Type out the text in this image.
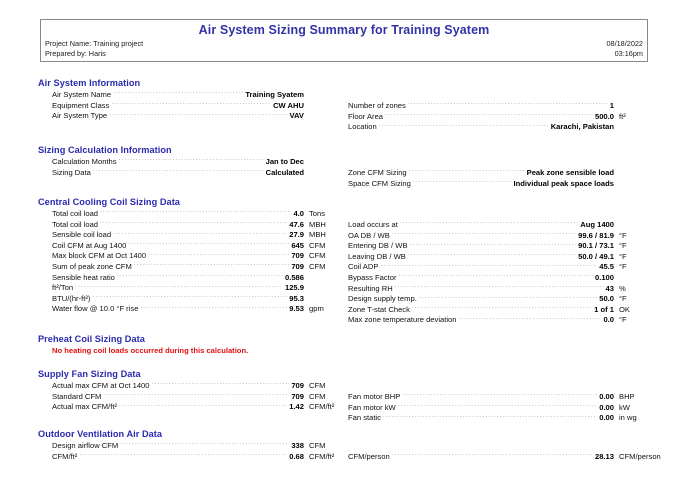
Air System Sizing Summary for Training Syatem
Project Name: Training project
Prepared by: Haris
08/18/2022
03:16pm
Air System Information
Air System Name .....	Training Syatem
Equipment Class .....	CW AHU
Air System Type .....	VAV
Number of zones .....	1
Floor Area .....	500.0 ft²
Location .....	Karachi, Pakistan
Sizing Calculation Information
Calculation Months .....	Jan to Dec
Sizing Data .....	Calculated	Zone CFM Sizing .....	Peak zone sensible load
Space CFM Sizing .....	Individual peak space loads
Central Cooling Coil Sizing Data
Total coil load .....	4.0 Tons
Total coil load .....	47.6 MBH
Sensible coil load .....	27.9 MBH
Coil CFM at Aug 1400 .....	645 CFM
Max block CFM at Oct 1400 .....	709 CFM
Sum of peak zone CFM .....	709 CFM
Sensible heat ratio .....	0.586
ft²/Ton .....	125.9
BTU/(hr-ft²) .....	95.3
Water flow @ 10.0 °F rise .....	9.53 gpm
Load occurs at .....	Aug 1400
OA DB / WB .....	99.6 / 81.9 °F
Entering DB / WB .....	90.1 / 73.1 °F
Leaving DB / WB .....	50.0 / 49.1 °F
Coil ADP .....	45.5 °F
Bypass Factor .....	0.100
Resulting RH .....	43 %
Design supply temp. .....	50.0 °F
Zone T-stat Check .....	1 of 1 OK
Max zone temperature deviation .....	0.0 °F
Preheat Coil Sizing Data
No heating coil loads occurred during this calculation.
Supply Fan Sizing Data
Actual max CFM at Oct 1400 .....	709 CFM
Standard CFM .....	709 CFM
Actual max CFM/ft² .....	1.42 CFM/ft²
Fan motor BHP .....	0.00 BHP
Fan motor kW .....	0.00 kW
Fan static .....	0.00 in wg
Outdoor Ventilation Air Data
Design airflow CFM .....	338 CFM
CFM/ft² .....	0.68 CFM/ft²	CFM/person .....	28.13 CFM/person
